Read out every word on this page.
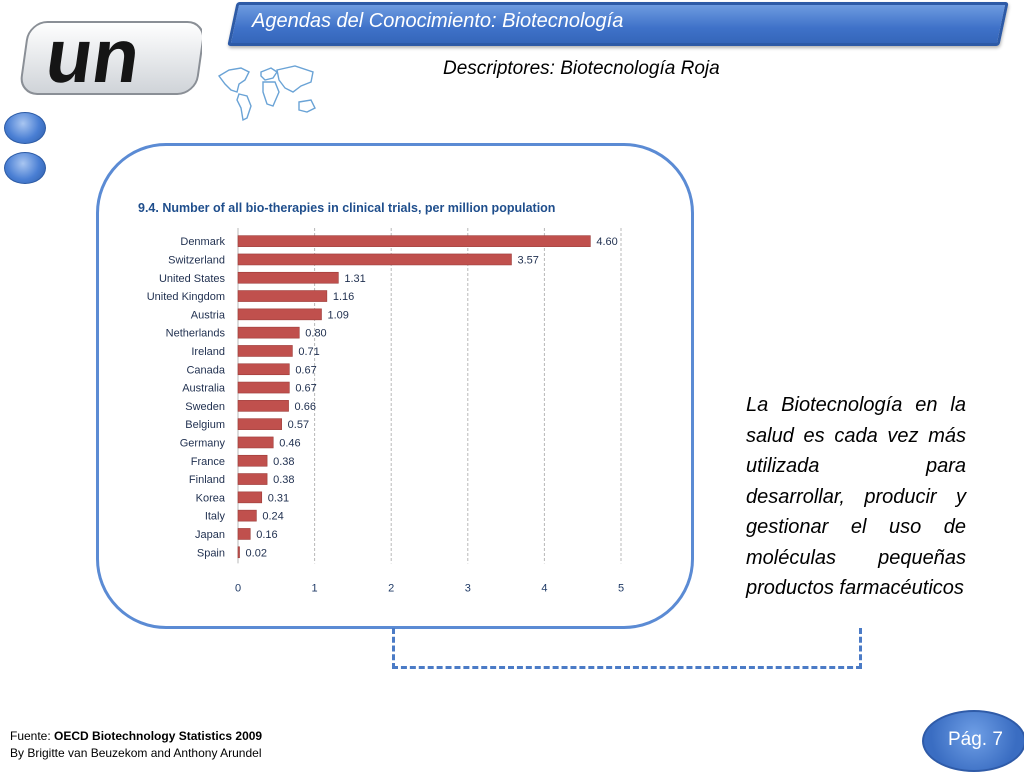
Agendas del Conocimiento: Biotecnología
Descriptores: Biotecnología Roja
un
9.4. Number of all bio-therapies in clinical trials, per million population
Denmark	4.60
Switzerland	3.57
United States	1.31
United Kingdom	1.16
Austria	1.09
Netherlands	0.80
Ireland	0.71
Canada	0.67
Australia	0.67
Sweden	0.66
Belgium	0.57
Germany	0.46
France	0.38
Finland	0.38
Korea	0.31
Italy	0.24
Japan	0.16
Spain 0.02
0	1	2	3	4	5
La Biotecnología en la salud es cada vez más utilizada para desarrollar, producir y gestionar el uso de moléculas pequeñas productos farmacéuticos
Fuente: OECD Biotechnology Statistics 2009
By Brigitte van Beuzekom and Anthony Arundel
Pág. 7
